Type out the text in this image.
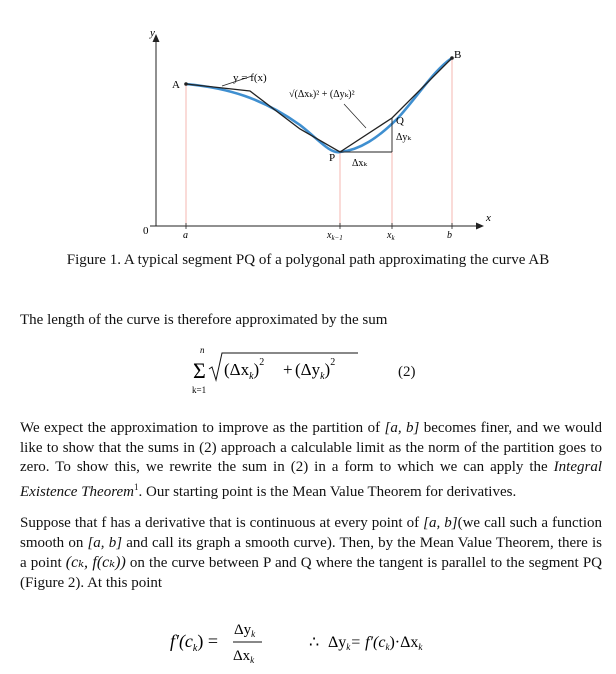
y
x
0
A
B
P
Q
y = f(x)
√(Δxₖ)² + (Δyₖ)²
Δxₖ
Δyₖ
a	b
$x_{k-1}$	$x_k$
Figure 1. A typical segment PQ of a polygonal path approximating the curve AB
The length of the curve is therefore approximated by the sum
n
Σ
k=1
$(\Delta x_k)^2 + (\Delta y_k)^2$
(2)
We expect the approximation to improve as the partition of [a, b] becomes finer, and we would like to show that the sums in (2) approach a calculable limit as the norm of the partition goes to zero. To show this, we rewrite the sum in (2) in a form to which we can apply the Integral Existence Theorem$^1$. Our starting point is the Mean Value Theorem for derivatives.
Suppose that f has a derivative that is continuous at every point of [a, b](we call such a function smooth on [a, b] and call its graph a smooth curve). Then, by the Mean Value Theorem, there is a point (cₖ, f(cₖ)) on the curve between P and Q where the tangent is parallel to the segment PQ (Figure 2). At this point
$f'(c_k)$ =
$\Delta y_k$
$\Delta x_k$
∴ Δyk= f′(ck)·Δxk
